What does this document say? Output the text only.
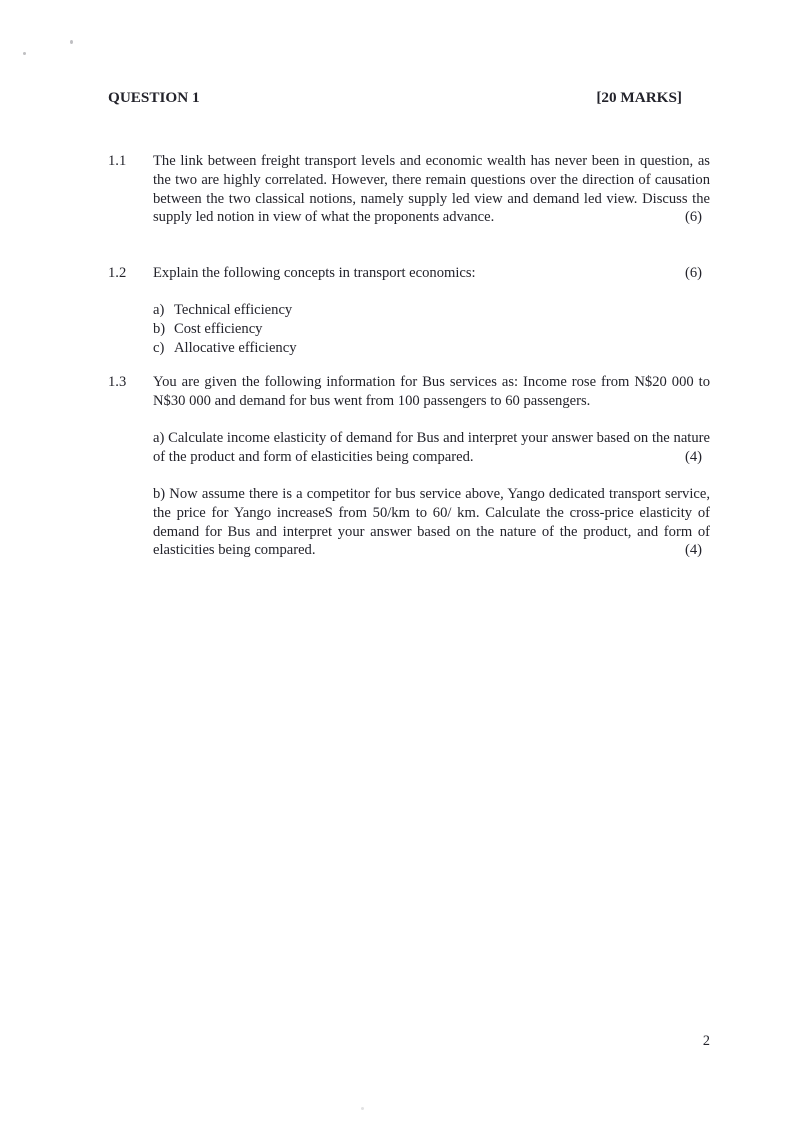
QUESTION 1	[20 MARKS]
1.1	The link between freight transport levels and economic wealth has never been in question, as the two are highly correlated. However, there remain questions over the direction of causation between the two classical notions, namely supply led view and demand led view. Discuss the supply led notion in view of what the proponents advance.	(6)
1.2	Explain the following concepts in transport economics:	(6)
a) Technical efficiency
b) Cost efficiency
c) Allocative efficiency
1.3	You are given the following information for Bus services as: Income rose from N$20 000 to N$30 000 and demand for bus went from 100 passengers to 60 passengers.
a) Calculate income elasticity of demand for Bus and interpret your answer based on the nature   of the product and form of elasticities being compared.	(4)
b) Now assume there is a competitor for bus service above, Yango dedicated transport service, the price for Yango increaseS from 50/km to 60/ km. Calculate the cross-price elasticity of demand for Bus and interpret your answer based on the nature of the product, and form of elasticities being compared.	(4)
2
